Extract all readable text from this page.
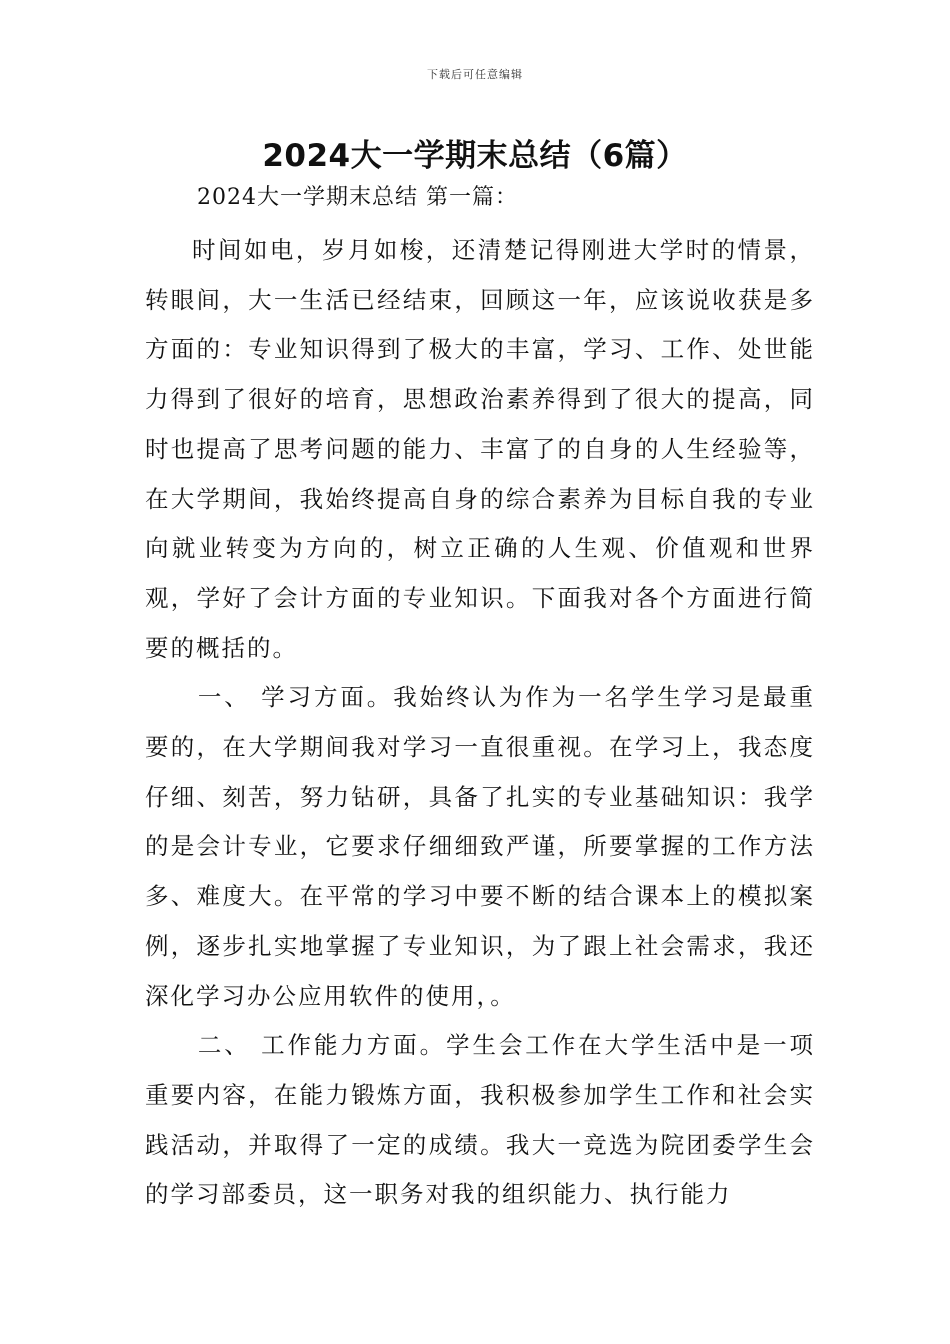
下载后可任意编辑
2024大一学期末总结（6篇）
2024大一学期末总结 第一篇：

时间如电，岁月如梭，还清楚记得刚进大学时的情景，转眼间，大一生活已经结束，回顾这一年，应该说收获是多方面的：专业知识得到了极大的丰富，学习、工作、处世能力得到了很好的培育，思想政治素养得到了很大的提高，同时也提高了思考问题的能力、丰富了的自身的人生经验等，在大学期间，我始终提高自身的综合素养为目标自我的专业向就业转变为方向的，树立正确的人生观、价值观和世界观，学好了会计方面的专业知识。下面我对各个方面进行简要的概括的。

一、 学习方面。我始终认为作为一名学生学习是最重要的，在大学期间我对学习一直很重视。在学习上，我态度仔细、刻苦，努力钻研，具备了扎实的专业基础知识：我学的是会计专业，它要求仔细细致严谨，所要掌握的工作方法多、难度大。在平常的学习中要不断的结合课本上的模拟案例，逐步扎实地掌握了专业知识，为了跟上社会需求，我还深化学习办公应用软件的使用，。

二、 工作能力方面。学生会工作在大学生活中是一项重要内容，在能力锻炼方面，我积极参加学生工作和社会实践活动，并取得了一定的成绩。我大一竞选为院团委学生会的学习部委员，这一职务对我的组织能力、执行能力
